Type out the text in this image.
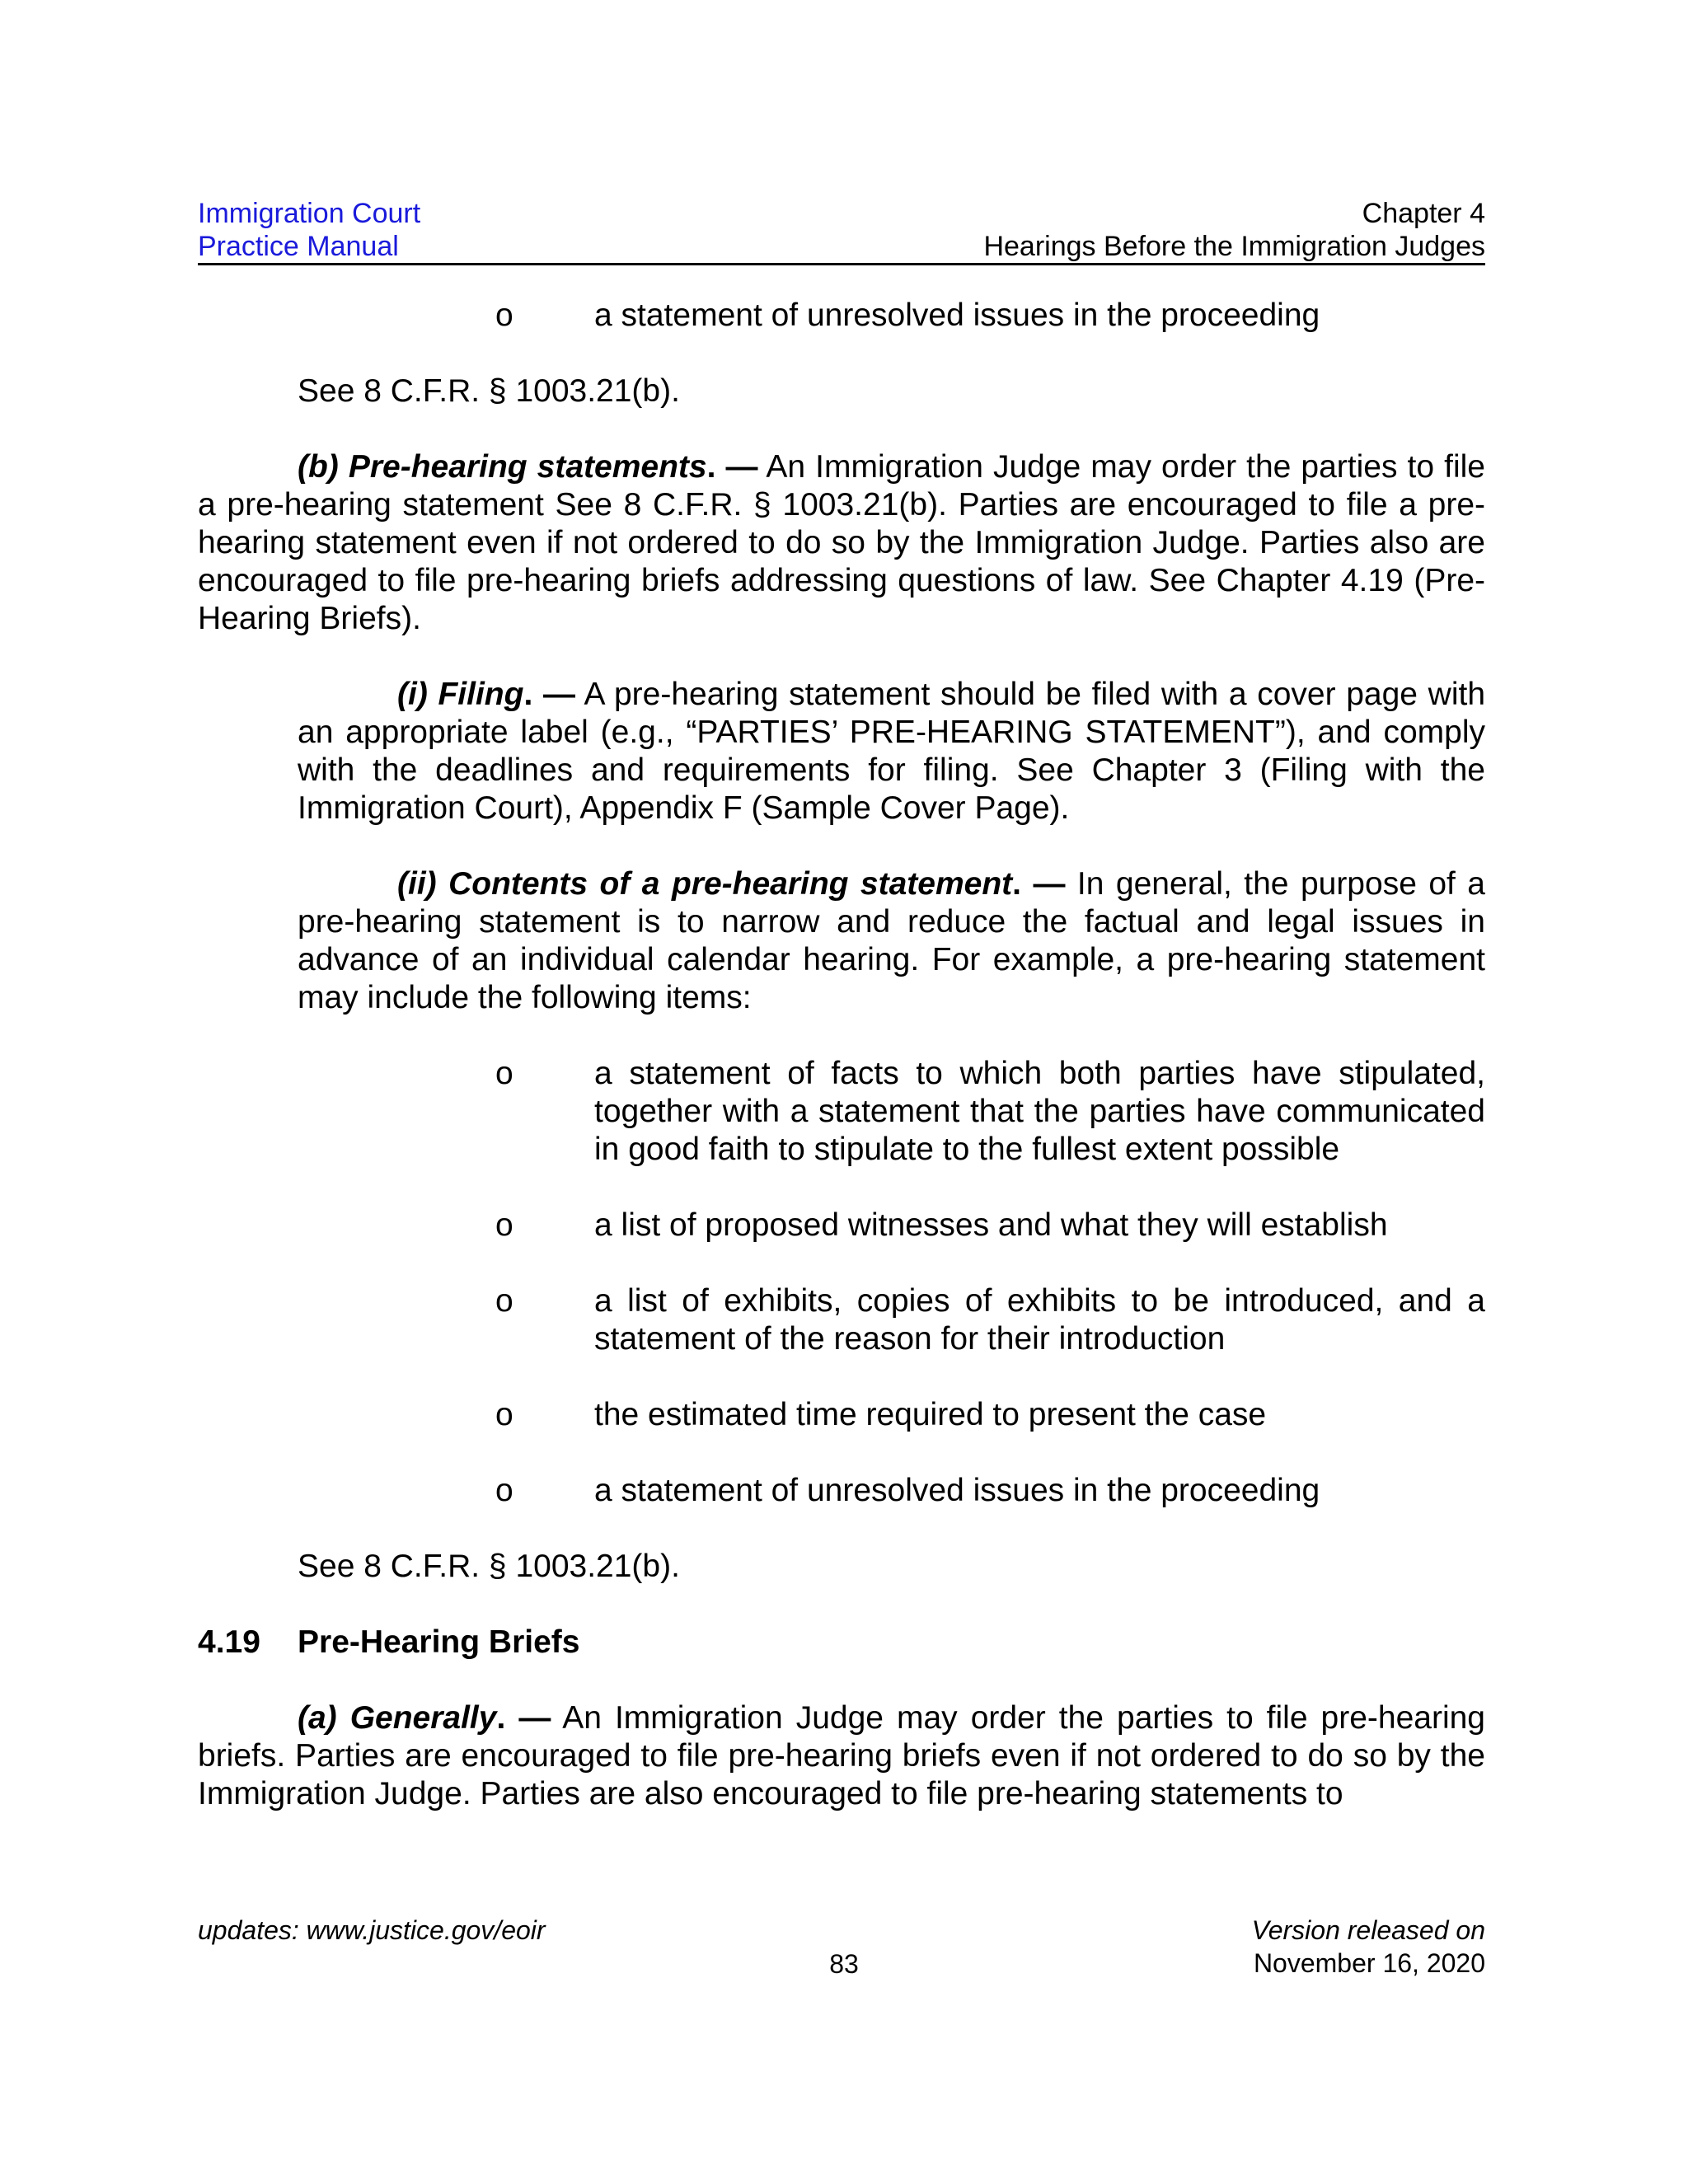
Immigration Court
Practice Manual
Chapter 4
Hearings Before the Immigration Judges
o	a statement of unresolved issues in the proceeding

See 8 C.F.R. § 1003.21(b).

(b) Pre-hearing statements. — An Immigration Judge may order the parties to file a pre-hearing statement See 8 C.F.R. § 1003.21(b). Parties are encouraged to file a pre-hearing statement even if not ordered to do so by the Immigration Judge. Parties also are encouraged to file pre-hearing briefs addressing questions of law. See Chapter 4.19 (Pre-Hearing Briefs).

(i) Filing. — A pre-hearing statement should be filed with a cover page with an appropriate label (e.g., “PARTIES’ PRE-HEARING STATEMENT”), and comply with the deadlines and requirements for filing. See Chapter 3 (Filing with the Immigration Court), Appendix F (Sample Cover Page).

(ii) Contents of a pre-hearing statement. — In general, the purpose of a pre-hearing statement is to narrow and reduce the factual and legal issues in advance of an individual calendar hearing. For example, a pre-hearing statement may include the following items:

o	a statement of facts to which both parties have stipulated, together with a statement that the parties have communicated in good faith to stipulate to the fullest extent possible
o	a list of proposed witnesses and what they will establish
o	a list of exhibits, copies of exhibits to be introduced, and a statement of the reason for their introduction
o	the estimated time required to present the case
o	a statement of unresolved issues in the proceeding

See 8 C.F.R. § 1003.21(b).

4.19 Pre-Hearing Briefs

(a) Generally. — An Immigration Judge may order the parties to file pre-hearing briefs. Parties are encouraged to file pre-hearing briefs even if not ordered to do so by the Immigration Judge. Parties are also encouraged to file pre-hearing statements to

updates: www.justice.gov/eoir
83
Version released on
November 16, 2020
